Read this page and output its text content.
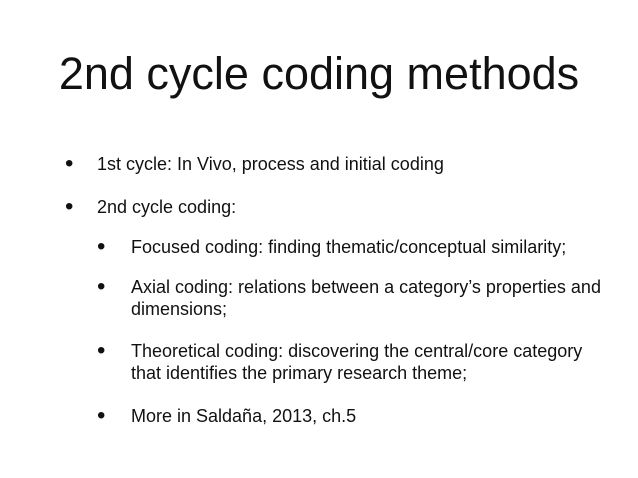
2nd cycle coding methods
• 1st cycle: In Vivo, process and initial coding
• 2nd cycle coding:
• Focused coding: finding thematic/conceptual similarity;
• Axial coding: relations between a category’s properties and dimensions;
• Theoretical coding: discovering the central/core category that identifies the primary research theme;
• More in Saldaña, 2013, ch.5
